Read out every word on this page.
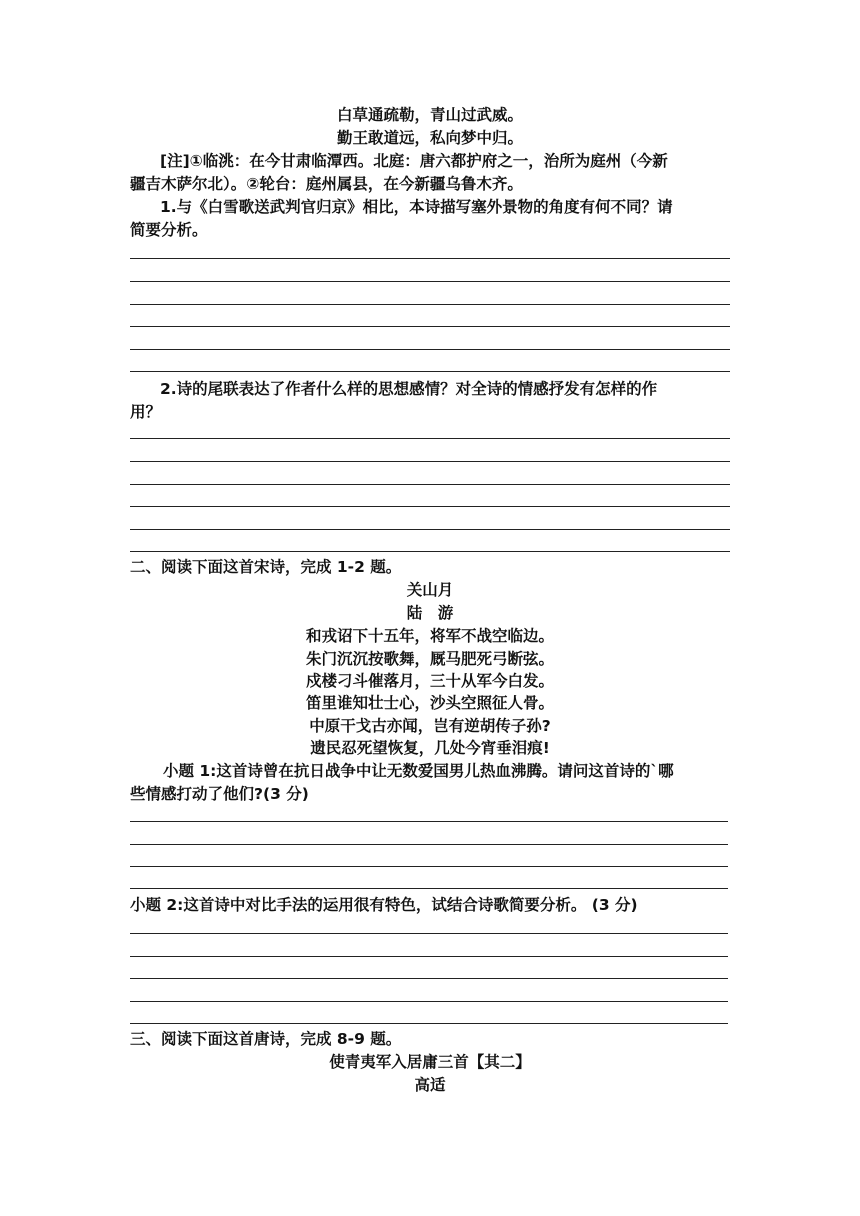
白草通疏勒，青山过武威。
勤王敢道远，私向梦中归。
[注]①临洮：在今甘肃临潭西。北庭：唐六都护府之一，治所为庭州（今新
疆吉木萨尔北）。②轮台：庭州属县，在今新疆乌鲁木齐。
1.与《白雪歌送武判官归京》相比，本诗描写塞外景物的角度有何不同？请
简要分析。
2.诗的尾联表达了作者什么样的思想感情？对全诗的情感抒发有怎样的作
用？
二、阅读下面这首宋诗，完成 1-2 题。
关山月
陆　游
和戎诏下十五年，将军不战空临边。
朱门沉沉按歌舞，厩马肥死弓断弦。
戍楼刁斗催落月，三十从军今白发。
笛里谁知壮士心，沙头空照征人骨。
中原干戈古亦闻，岂有逆胡传子孙?
遗民忍死望恢复，几处今宵垂泪痕!
小题 1:这首诗曾在抗日战争中让无数爱国男儿热血沸腾。请问这首诗的`哪
些情感打动了他们?(3 分)
小题 2:这首诗中对比手法的运用很有特色，试结合诗歌简要分析。 (3 分)
三、阅读下面这首唐诗，完成 8-9 题。
使青夷军入居庸三首【其二】
高适
